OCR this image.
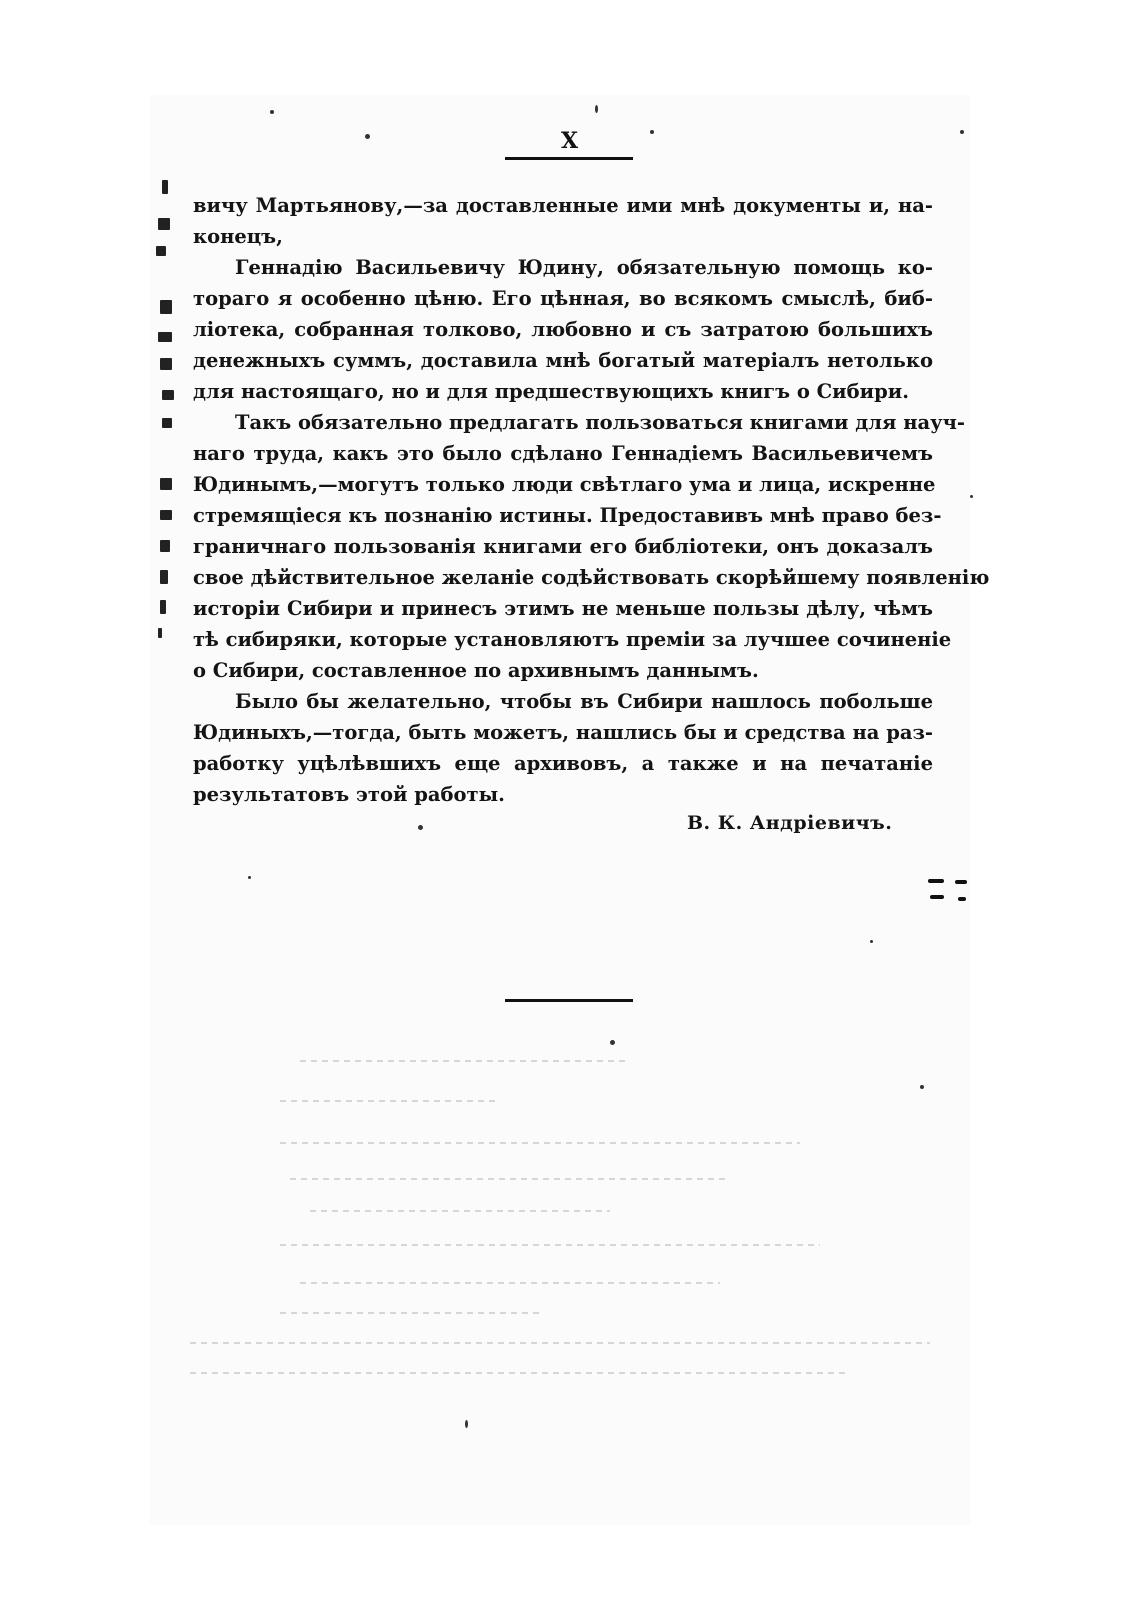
X
вичу Мартьянову,—за доставленные ими мнѣ документы и, на-
конецъ,
Геннадію Васильевичу Юдину, обязательную помощь ко-
тораго я особенно цѣню. Его цѣнная, во всякомъ смыслѣ, биб-
ліотека, собранная толково, любовно и съ затратою большихъ
денежныхъ суммъ, доставила мнѣ богатый матеріалъ нетолько
для настоящаго, но и для предшествующихъ книгъ о Сибири.
Такъ обязательно предлагать пользоваться книгами для науч-
наго труда, какъ это было сдѣлано Геннадіемъ Васильевичемъ
Юдинымъ,—могутъ только люди свѣтлаго ума и лица, искренне
стремящіеся къ познанію истины. Предоставивъ мнѣ право без-
граничнаго пользованія книгами его библіотеки, онъ доказалъ
свое дѣйствительное желаніе содѣйствовать скорѣйшему появленію
исторіи Сибири и принесъ этимъ не меньше пользы дѣлу, чѣмъ
тѣ сибиряки, которые установляютъ преміи за лучшее сочиненіе
о Сибири, составленное по архивнымъ даннымъ.
Было бы желательно, чтобы въ Сибири нашлось побольше
Юдиныхъ,—тогда, быть можетъ, нашлись бы и средства на раз-
работку уцѣлѣвшихъ еще архивовъ, а также и на печатаніе
результатовъ этой работы.
В. К. Андріевичъ.
